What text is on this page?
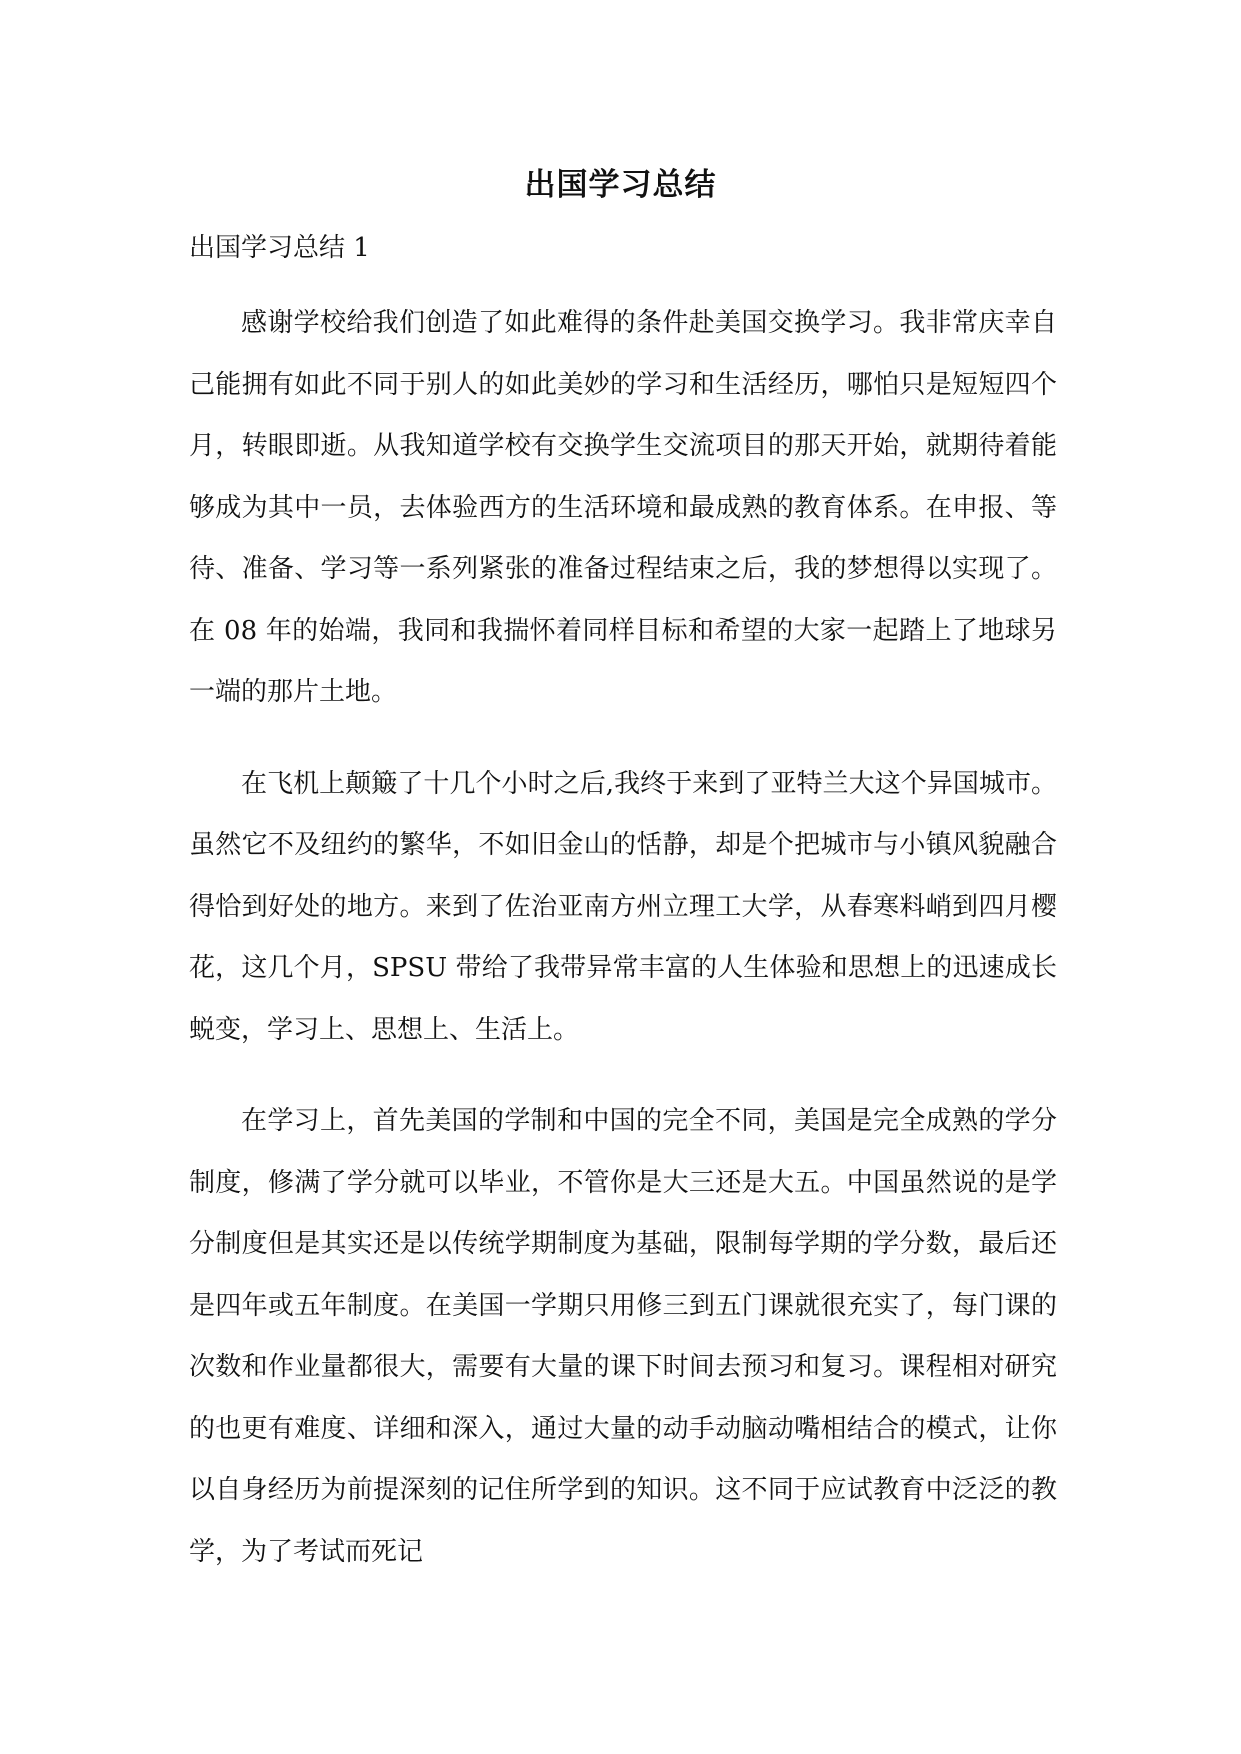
出国学习总结

出国学习总结 1

感谢学校给我们创造了如此难得的条件赴美国交换学习。我非常庆幸自己能拥有如此不同于别人的如此美妙的学习和生活经历，哪怕只是短短四个月，转眼即逝。从我知道学校有交换学生交流项目的那天开始，就期待着能够成为其中一员，去体验西方的生活环境和最成熟的教育体系。在申报、等待、准备、学习等一系列紧张的准备过程结束之后，我的梦想得以实现了。在 08 年的始端，我同和我揣怀着同样目标和希望的大家一起踏上了地球另一端的那片土地。

在飞机上颠簸了十几个小时之后,我终于来到了亚特兰大这个异国城市。虽然它不及纽约的繁华，不如旧金山的恬静，却是个把城市与小镇风貌融合得恰到好处的地方。来到了佐治亚南方州立理工大学，从春寒料峭到四月樱花，这几个月，SPSU 带给了我带异常丰富的人生体验和思想上的迅速成长蜕变，学习上、思想上、生活上。

在学习上，首先美国的学制和中国的完全不同，美国是完全成熟的学分制度，修满了学分就可以毕业，不管你是大三还是大五。中国虽然说的是学分制度但是其实还是以传统学期制度为基础，限制每学期的学分数，最后还是四年或五年制度。在美国一学期只用修三到五门课就很充实了，每门课的次数和作业量都很大，需要有大量的课下时间去预习和复习。课程相对研究的也更有难度、详细和深入，通过大量的动手动脑动嘴相结合的模式，让你以自身经历为前提深刻的记住所学到的知识。这不同于应试教育中泛泛的教学，为了考试而死记
